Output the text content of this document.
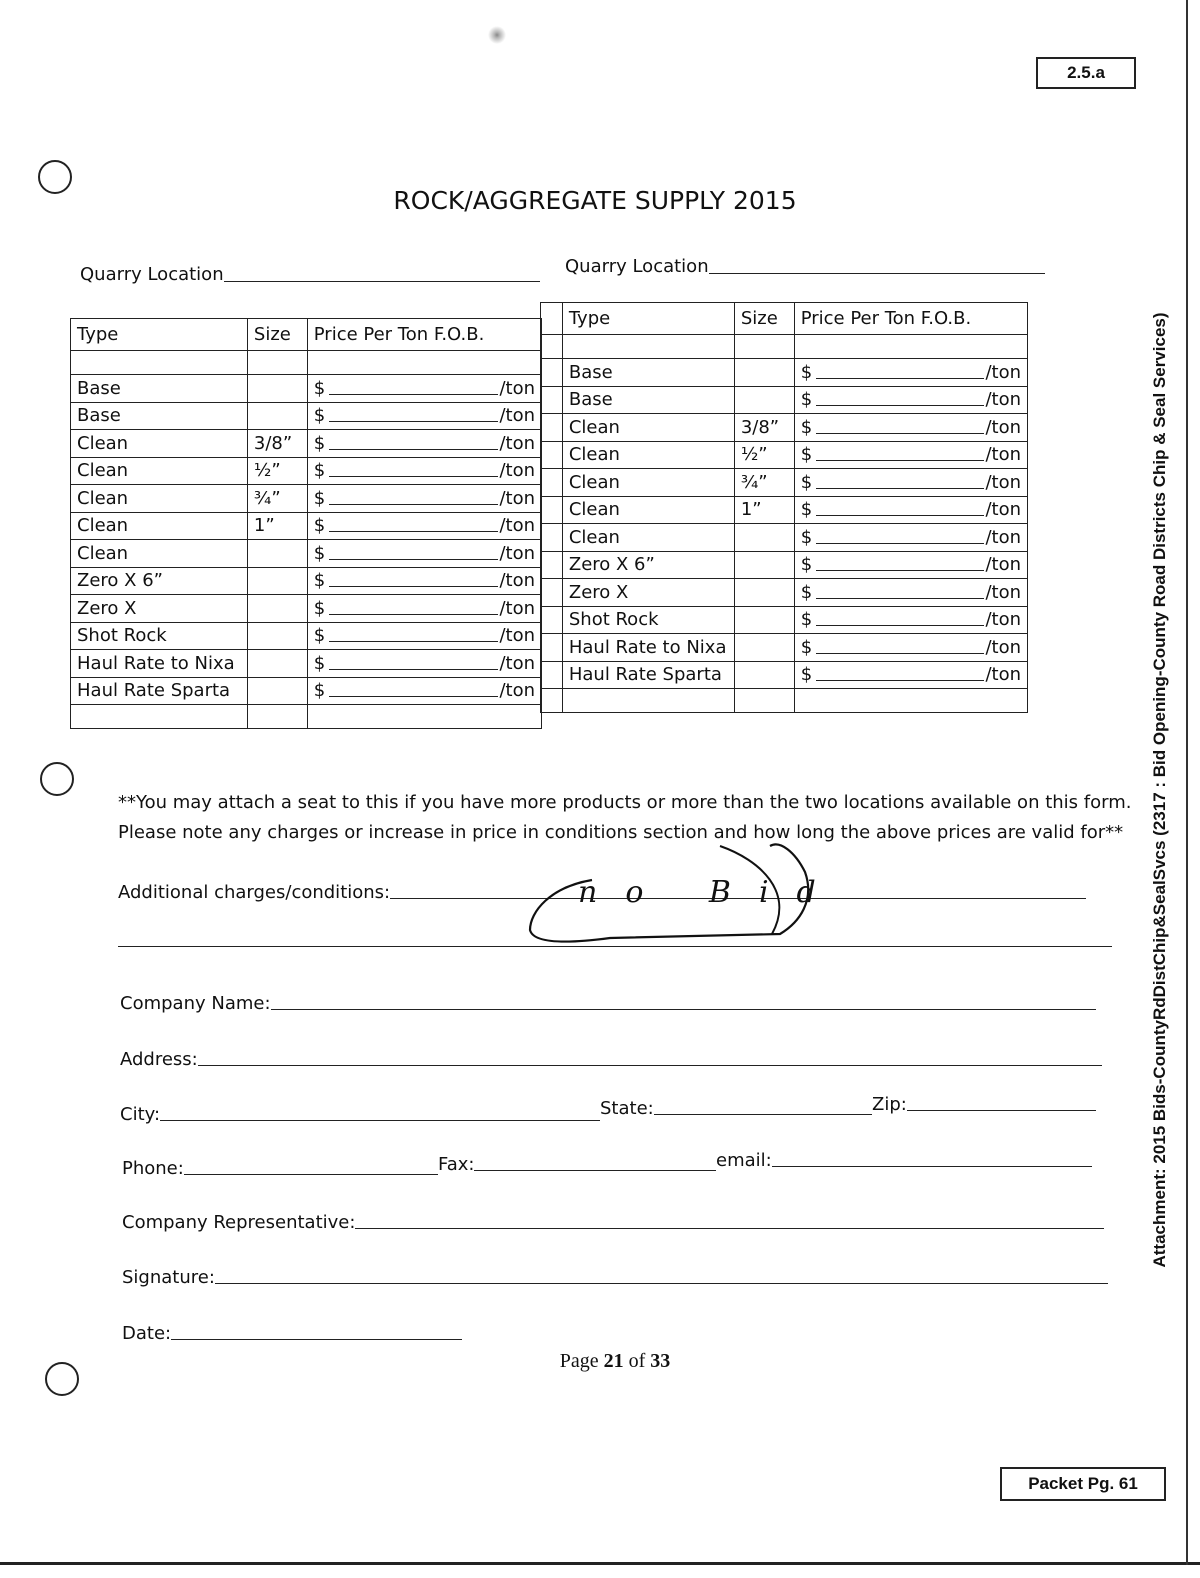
2.5.a
Packet Pg. 61
ROCK/AGGREGATE SUPPLY 2015
Quarry Location	Quarry Location
Type	Size	Price Per Ton F.O.B.

Base		$ /ton

Base		$ /ton

Clean	3/8”	$ /ton

Clean	½”	$ /ton

Clean	¾”	$ /ton

Clean	1”	$ /ton

Clean		$ /ton

Zero X 6”		$ /ton

Zero X		$ /ton

Shot Rock		$ /ton

Haul Rate to Nixa		$ /ton

Haul Rate Sparta		$ /ton

	Type	Size	Price Per Ton F.O.B.

	Base		$ /ton

	Base		$ /ton

	Clean	3/8”	$ /ton

	Clean	½”	$ /ton

	Clean	¾”	$ /ton

	Clean	1”	$ /ton

	Clean		$ /ton

	Zero X 6”		$ /ton

	Zero X		$ /ton

	Shot Rock		$ /ton

	Haul Rate to Nixa		$ /ton

	Haul Rate Sparta		$ /ton

**You may attach a seat to this if you have more products or more than the two locations available on this form.
Please note any charges or increase in price in conditions section and how long the above prices are valid for**
Additional charges/conditions:
Company Name:
Address:
City:	State:	Zip:
Phone:	Fax:	email:
Company Representative:
Signature:
Date:
no Bid
Page 21 of 33
Attachment: 2015 Bids-CountyRdDistChip&SealSvcs (2317 : Bid Opening-County Road Districts Chip & Seal Services)
